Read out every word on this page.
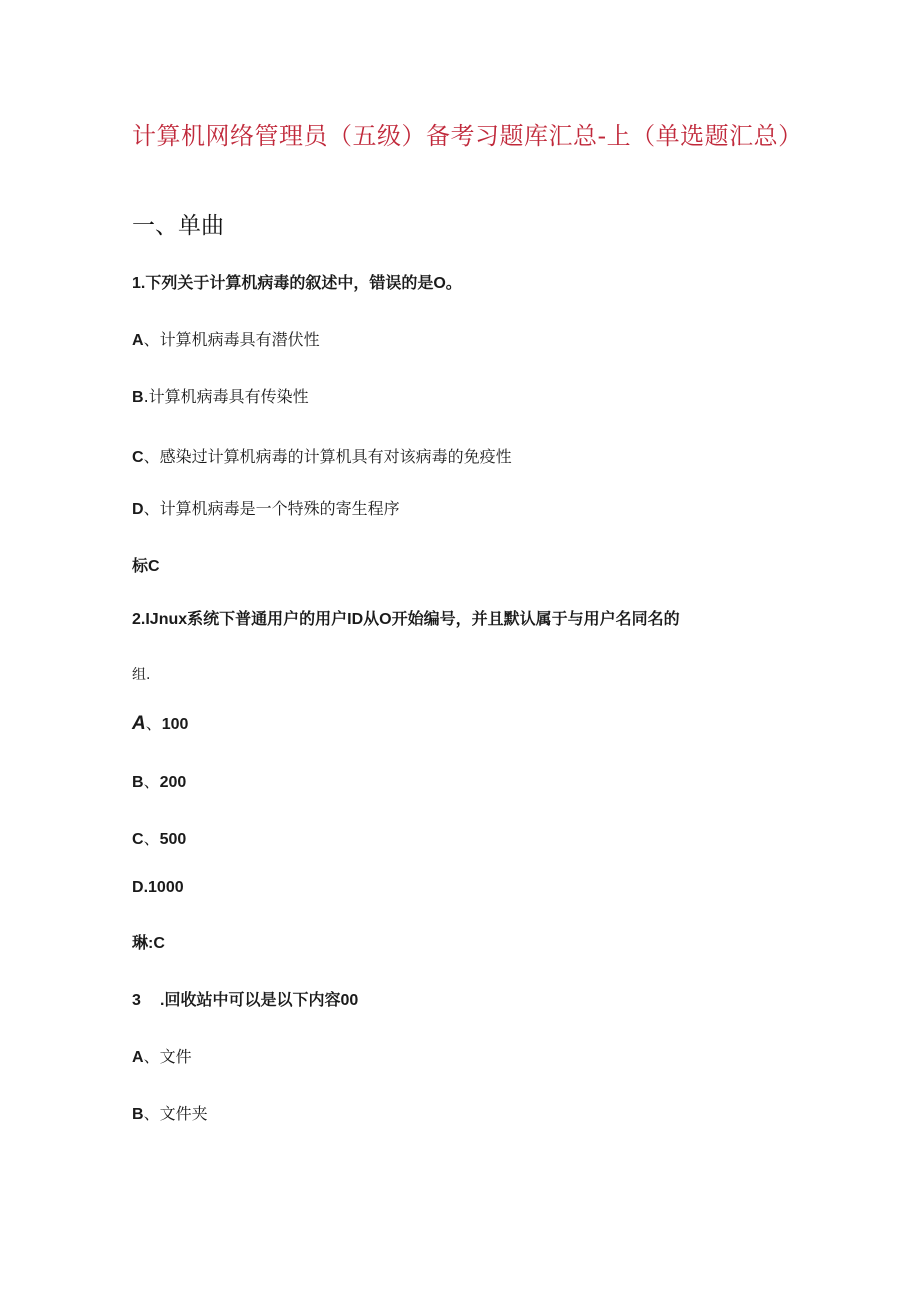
计算机网络管理员（五级）备考习题库汇总-上（单选题汇总）
一、单曲
1.下列关于计算机病毒的叙述中，错误的是O。
A、计算机病毒具有潜伏性
B.计算机病毒具有传染性
C、感染过计算机病毒的计算机具有对该病毒的免疫性
D、计算机病毒是一个特殊的寄生程序
标C
2.IJnux系统下普通用户的用户ID从O开始编号，并且默认属于与用户名同名的
组.
A、100
B、200
C、500
D.1000
琳:C
3 .回收站中可以是以下内容00
A、文件
B、文件夹
